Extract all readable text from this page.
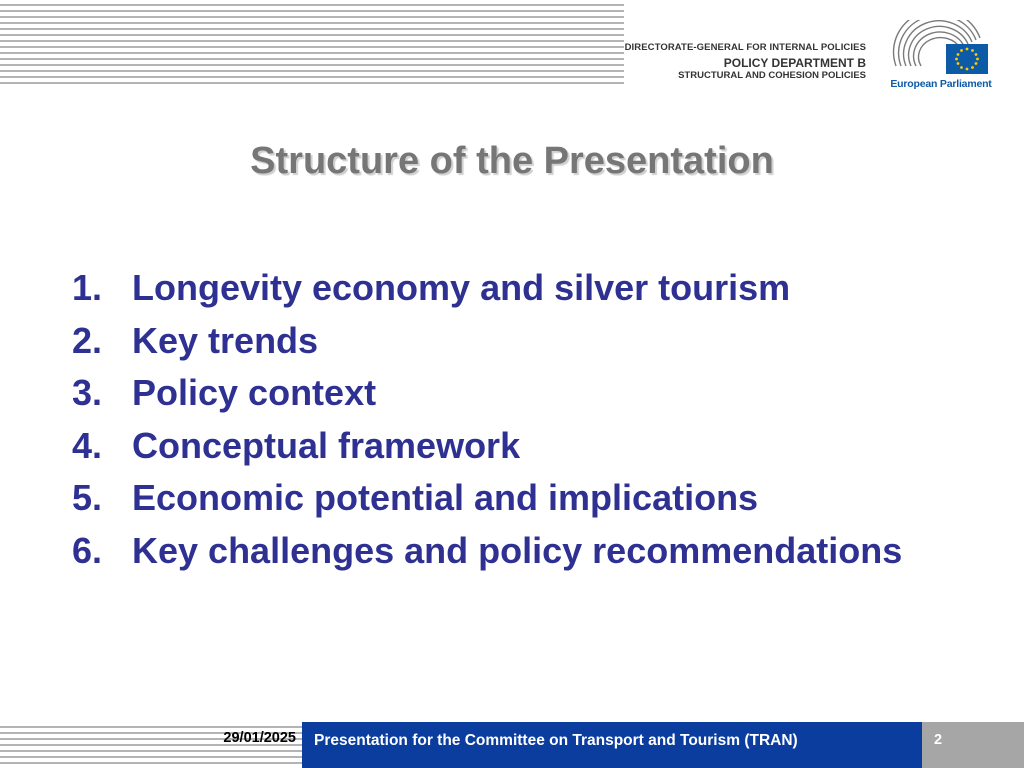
DIRECTORATE-GENERAL FOR INTERNAL POLICIES
POLICY DEPARTMENT B
STRUCTURAL AND COHESION POLICIES
European Parliament
Structure of the Presentation
1. Longevity economy and silver tourism
2. Key trends
3. Policy context
4. Conceptual framework
5. Economic potential and implications
6. Key challenges and policy recommendations
29/01/2025 Presentation for the Committee on Transport and Tourism (TRAN)	2
